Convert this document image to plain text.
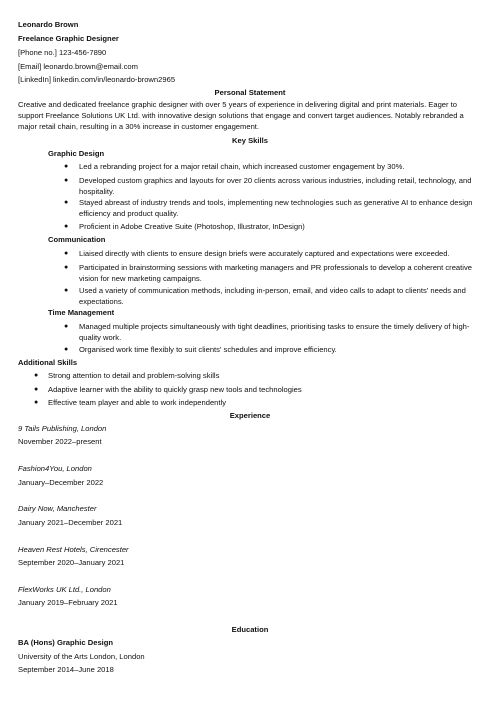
Leonardo Brown
Freelance Graphic Designer
[Phone no.] 123-456-7890
[Email] leonardo.brown@email.com
[LinkedIn] linkedin.com/in/leonardo-brown2965
Personal Statement
Creative and dedicated freelance graphic designer with over 5 years of experience in delivering digital and print materials. Eager to support Freelance Solutions UK Ltd. with innovative design solutions that engage and convert target audiences. Notably rebranded a major retail chain, resulting in a 30% increase in customer engagement.
Key Skills
Graphic Design
● Led a rebranding project for a major retail chain, which increased customer engagement by 30%.
● Developed custom graphics and layouts for over 20 clients across various industries, including retail, technology, and hospitality.
● Stayed abreast of industry trends and tools, implementing new technologies such as generative AI to enhance design efficiency and product quality.
● Proficient in Adobe Creative Suite (Photoshop, Illustrator, InDesign)
Communication
● Liaised directly with clients to ensure design briefs were accurately captured and expectations were exceeded.
● Participated in brainstorming sessions with marketing managers and PR professionals to develop a coherent creative vision for new marketing campaigns.
● Used a variety of communication methods, including in-person, email, and video calls to adapt to clients' needs and expectations.
Time Management
● Managed multiple projects simultaneously with tight deadlines, prioritising tasks to ensure the timely delivery of high-quality work.
● Organised work time flexibly to suit clients' schedules and improve efficiency.
Additional Skills
● Strong attention to detail and problem-solving skills
● Adaptive learner with the ability to quickly grasp new tools and technologies
● Effective team player and able to work independently
Experience
9 Tails Publishing, London
November 2022–present
Fashion4You, London
January–December 2022
Dairy Now, Manchester
January 2021–December 2021
Heaven Rest Hotels, Cirencester
September 2020–January 2021
FlexWorks UK Ltd., London
January 2019–February 2021
Education
BA (Hons) Graphic Design
University of the Arts London, London
September 2014–June 2018
